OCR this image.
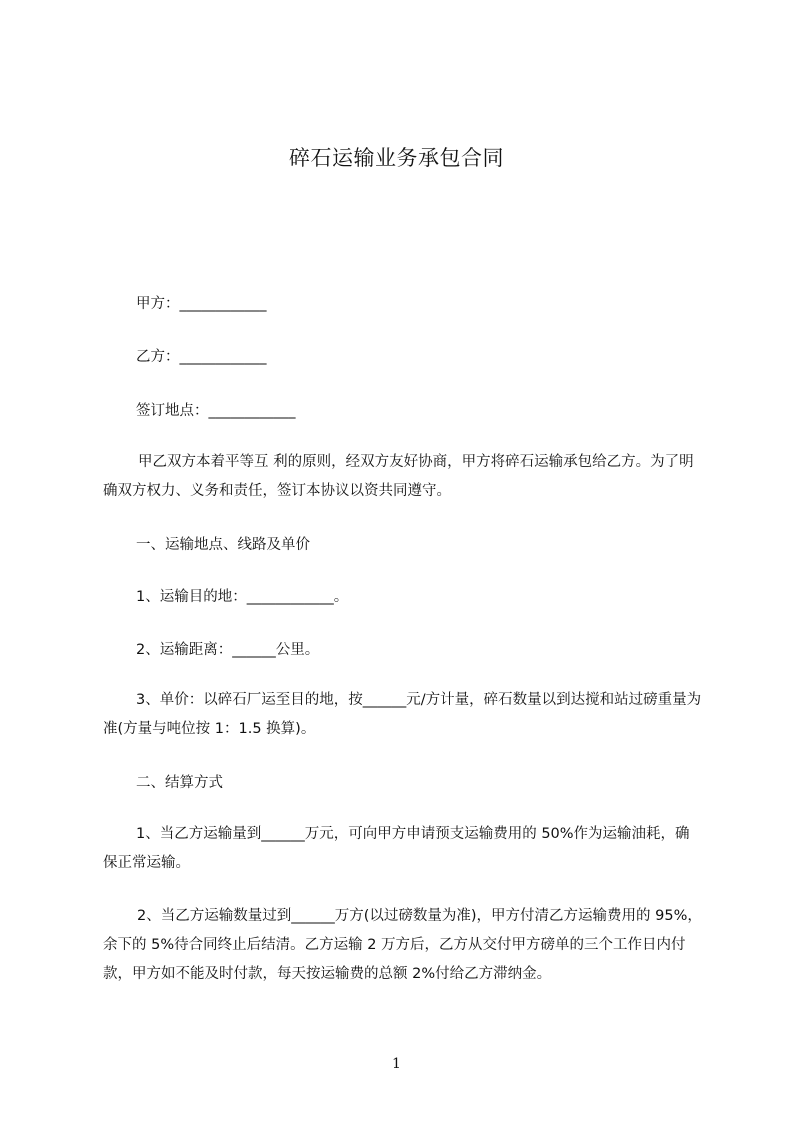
碎石运输业务承包合同
甲方：____________
乙方：____________
签订地点：____________
甲乙双方本着平等互 利的原则，经双方友好协商，甲方将碎石运输承包给乙方。为了明确双方权力、义务和责任，签订本协议以资共同遵守。
一、运输地点、线路及单价
1、运输目的地：____________。
2、运输距离：______公里。
3、单价：以碎石厂运至目的地，按______元/方计量，碎石数量以到达搅和站过磅重量为准(方量与吨位按 1：1.5 换算)。
二、结算方式
1、当乙方运输量到______万元，可向甲方申请预支运输费用的 50%作为运输油耗，确保正常运输。
2、当乙方运输数量过到______万方(以过磅数量为准)，甲方付清乙方运输费用的 95%，余下的 5%待合同终止后结清。乙方运输 2 万方后，乙方从交付甲方磅单的三个工作日内付款，甲方如不能及时付款，每天按运输费的总额 2%付给乙方滞纳金。
1
